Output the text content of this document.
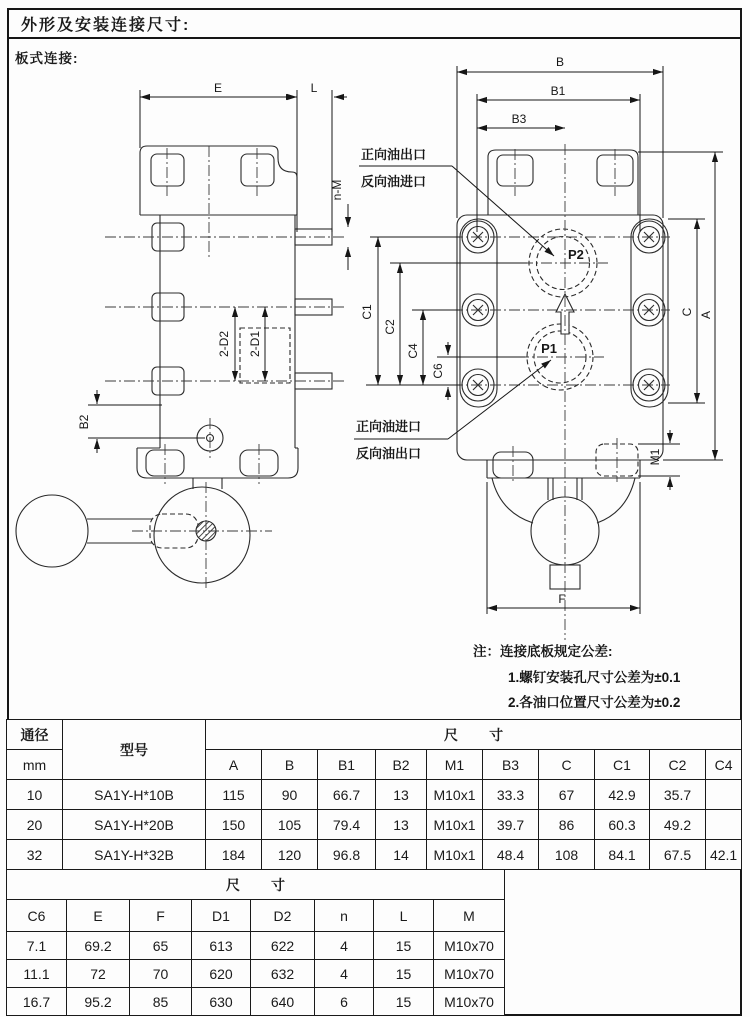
外形及安装连接尺寸:
板式连接:
E	L
n-M
2-D2 2-D1
B2
B
B1
B3
P2
P1
C1
C2
C4
C6
C A
M1
F
正向油出口
反向油进口
正向油进口
反向油出口
注：连接底板规定公差:
1.螺钉安装孔尺寸公差为±0.1
2.各油口位置尺寸公差为±0.2
通径	型号	尺        寸									
mm		A	B	B1	B2	M1	B3	C	C1	C2	C4
10	SA1Y-H*10B	115	90	66.7	13	M10x1	33.3	67	42.9	35.7	
20	SA1Y-H*20B	150	105	79.4	13	M10x1	39.7	86	60.3	49.2	
32	SA1Y-H*32B	184	120	96.8	14	M10x1	48.4	108	84.1	67.5	42.1
尺        寸							
C6	E	F	D1	D2	n	L	M
7.1	69.2	65	613	622	4	15	M10x70
11.1	72	70	620	632	4	15	M10x70
16.7	95.2	85	630	640	6	15	M10x70
